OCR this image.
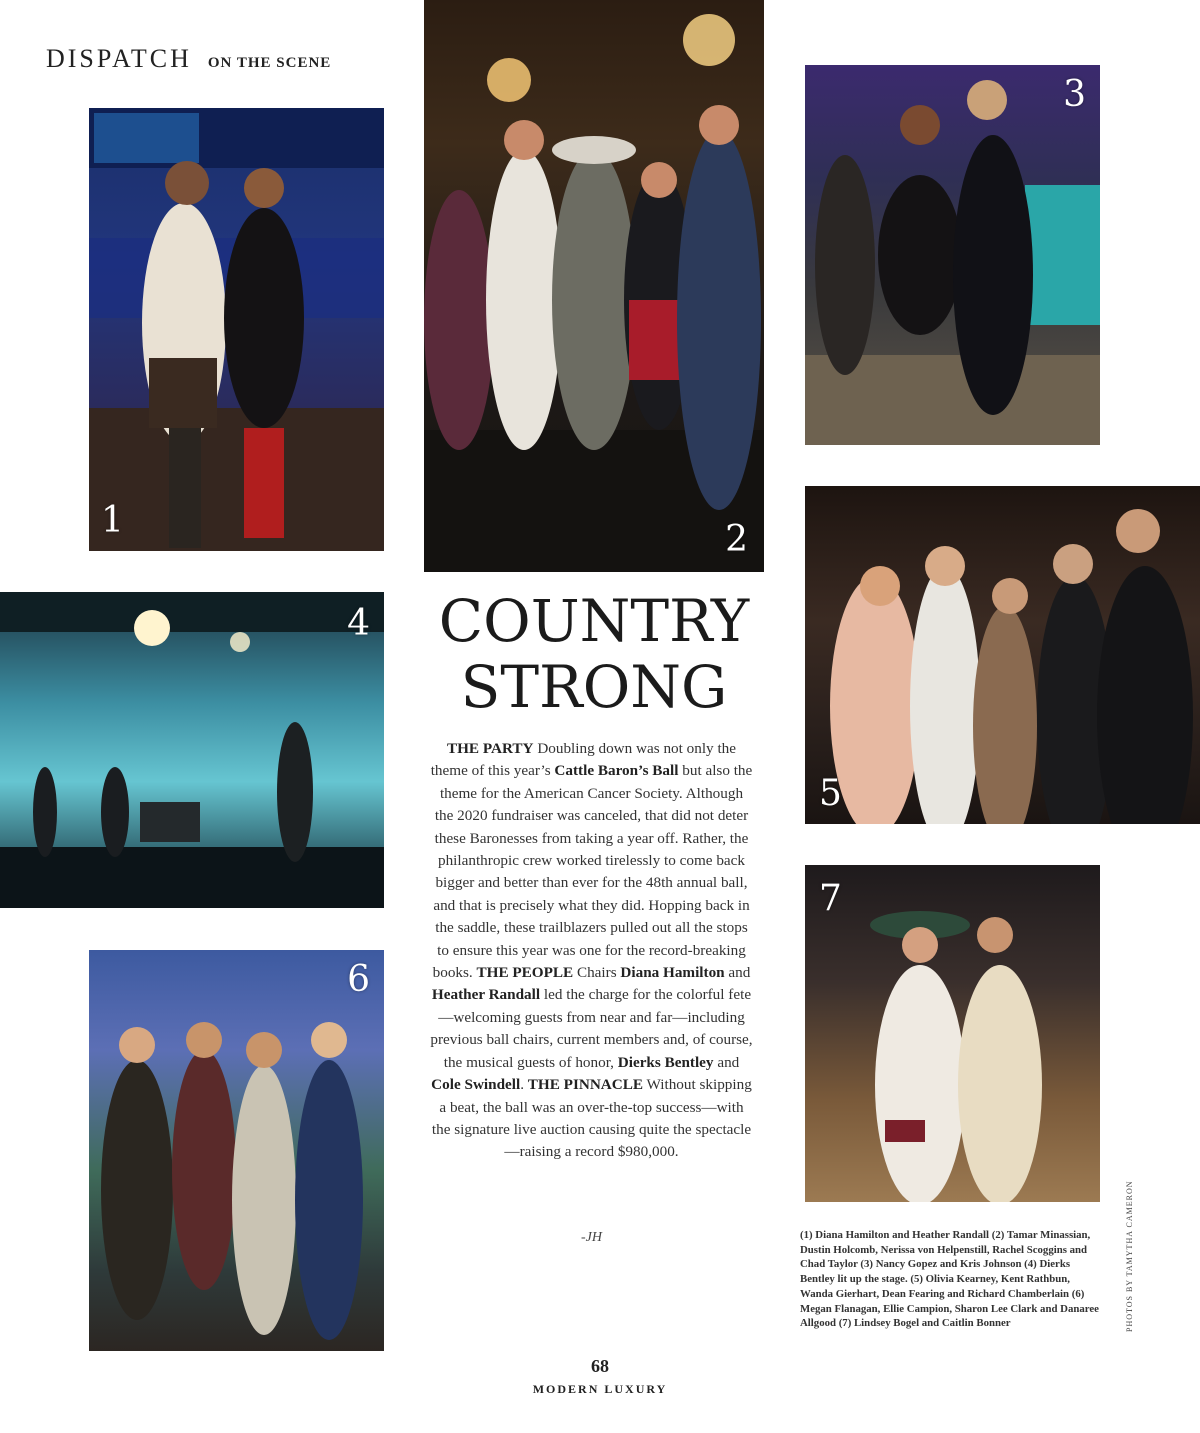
DISPATCH ON THE SCENE
1	2
3
4
5
6
7
COUNTRY
STRONG
THE PARTY Doubling down was not only the theme of this year’s Cattle Baron’s Ball but also the theme for the American Cancer Society. Although the 2020 fundraiser was canceled, that did not deter these Baronesses from taking a year off. Rather, the philanthropic crew worked tirelessly to come back bigger and better than ever for the 48th annual ball, and that is precisely what they did. Hopping back in the saddle, these trailblazers pulled out all the stops to ensure this year was one for the record-breaking books. THE PEOPLE Chairs Diana Hamilton and Heather Randall led the charge for the colorful fete—welcoming guests from near and far—including previous ball chairs, current members and, of course, the musical guests of honor, Dierks Bentley and Cole Swindell. THE PINNACLE Without skipping a beat, the ball was an over-the-top success—with the signature live auction causing quite the spectacle—raising a record $980,000.
-JH	(1) Diana Hamilton and Heather Randall (2) Tamar Minassian, Dustin Holcomb, Nerissa von Helpenstill, Rachel Scoggins and Chad Taylor (3) Nancy Gopez and Kris Johnson (4) Dierks Bentley lit up the stage. (5) Olivia Kearney, Kent Rathbun, Wanda Gierhart, Dean Fearing and Richard Chamberlain (6) Megan Flanagan, Ellie Campion, Sharon Lee Clark and Danaree Allgood (7) Lindsey Bogel and Caitlin Bonner	PHOTOS BY TAMYTHA CAMERON
68
MODERN LUXURY
